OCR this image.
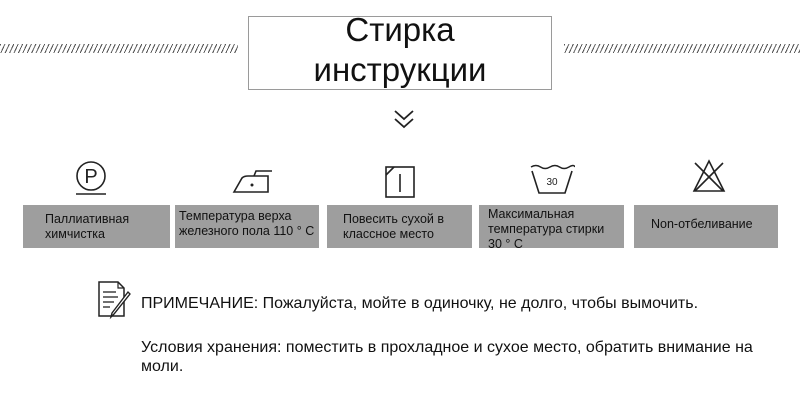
Стирка
инструкции
P	30
Паллиативная химчистка
Температура верха железного пола 110 ° С
Повесить сухой в классное место
Максимальная температура стирки 30 ° С
Non-отбеливание
ПРИМЕЧАНИЕ: Пожалуйста, мойте в одиночку, не долго, чтобы вымочить.
Условия хранения: поместить в прохладное и сухое место, обратить внимание на моли.
